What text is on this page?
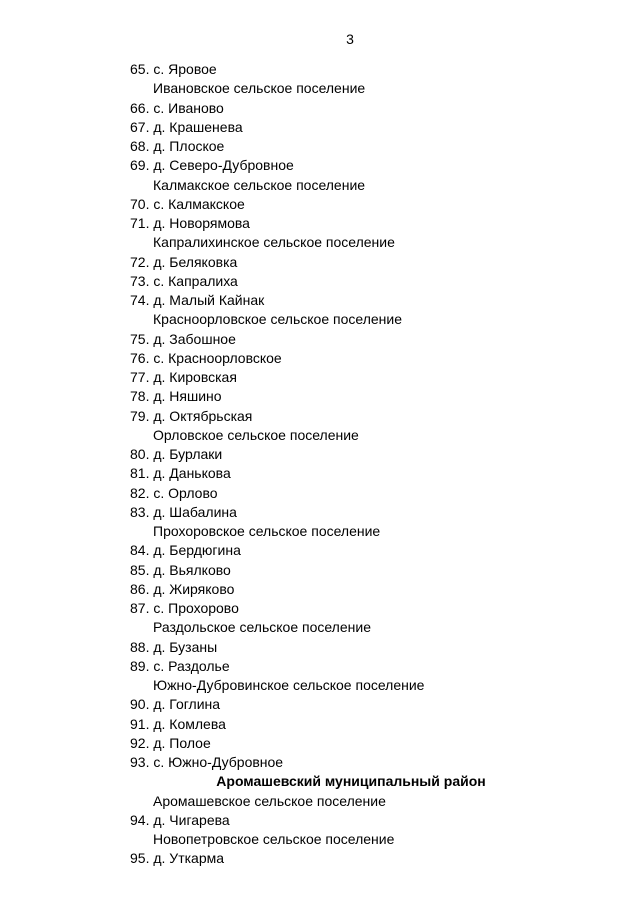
3
65. с. Яровое
Ивановское сельское поселение
66. с. Иваново
67. д. Крашенева
68. д. Плоское
69. д. Северо-Дубровное
Калмакское сельское поселение
70. с. Калмакское
71. д. Новорямова
Капралихинское сельское поселение
72. д. Беляковка
73. с. Капралиха
74. д. Малый Кайнак
Красноорловское сельское поселение
75. д. Забошное
76. с. Красноорловское
77. д. Кировская
78. д. Няшино
79. д. Октябрьская
Орловское сельское поселение
80. д. Бурлаки
81. д. Данькова
82. с. Орлово
83. д. Шабалина
Прохоровское сельское поселение
84. д. Бердюгина
85. д. Вьялково
86. д. Жиряково
87. с. Прохорово
Раздольское сельское поселение
88. д. Бузаны
89. с. Раздолье
Южно-Дубровинское сельское поселение
90. д. Гоглина
91. д. Комлева
92. д. Полое
93. с. Южно-Дубровное
Аромашевский муниципальный район
Аромашевское сельское поселение
94. д. Чигарева
Новопетровское сельское поселение
95. д. Уткарма
